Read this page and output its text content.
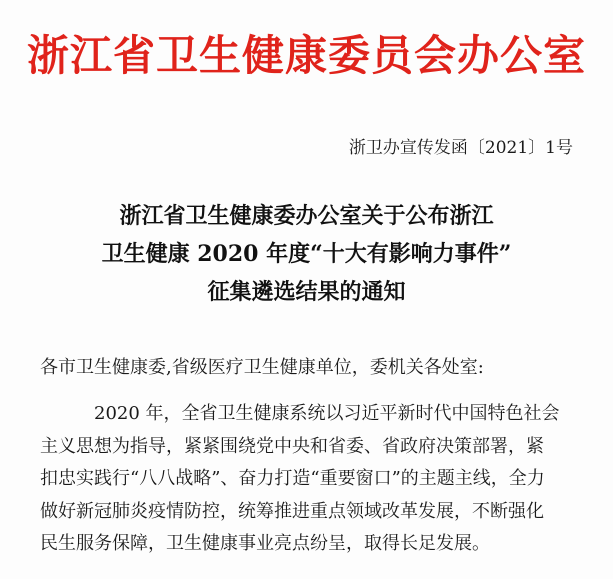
浙江省卫生健康委员会办公室
浙卫办宣传发函〔2021〕1号
浙江省卫生健康委办公室关于公布浙江
卫生健康 2020 年度“十大有影响力事件”
征集遴选结果的通知
各市卫生健康委,省级医疗卫生健康单位，委机关各处室:
2020 年，全省卫生健康系统以习近平新时代中国特色社会
主义思想为指导，紧紧围绕党中央和省委、省政府决策部署，紧
扣忠实践行“八八战略”、奋力打造“重要窗口”的主题主线，全力
做好新冠肺炎疫情防控，统筹推进重点领域改革发展，不断强化
民生服务保障，卫生健康事业亮点纷呈，取得长足发展。
